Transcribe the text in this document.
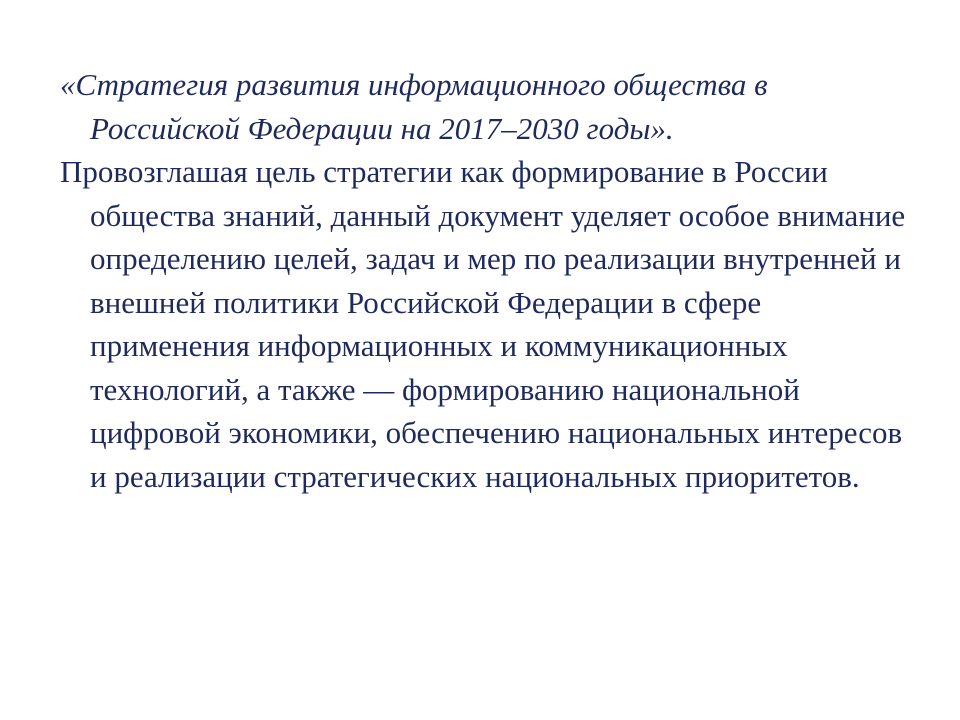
«Стратегия развития информационного общества в Российской Федерации на 2017–2030 годы».

Провозглашая цель стратегии как формирование в России общества знаний, данный документ уделяет особое внимание определению целей, задач и мер по реализации внутренней и внешней политики Российской Федерации в сфере применения информационных и коммуникационных технологий, а также — формированию национальной цифровой экономики, обеспечению национальных интересов и реализации стратегических национальных приоритетов.
